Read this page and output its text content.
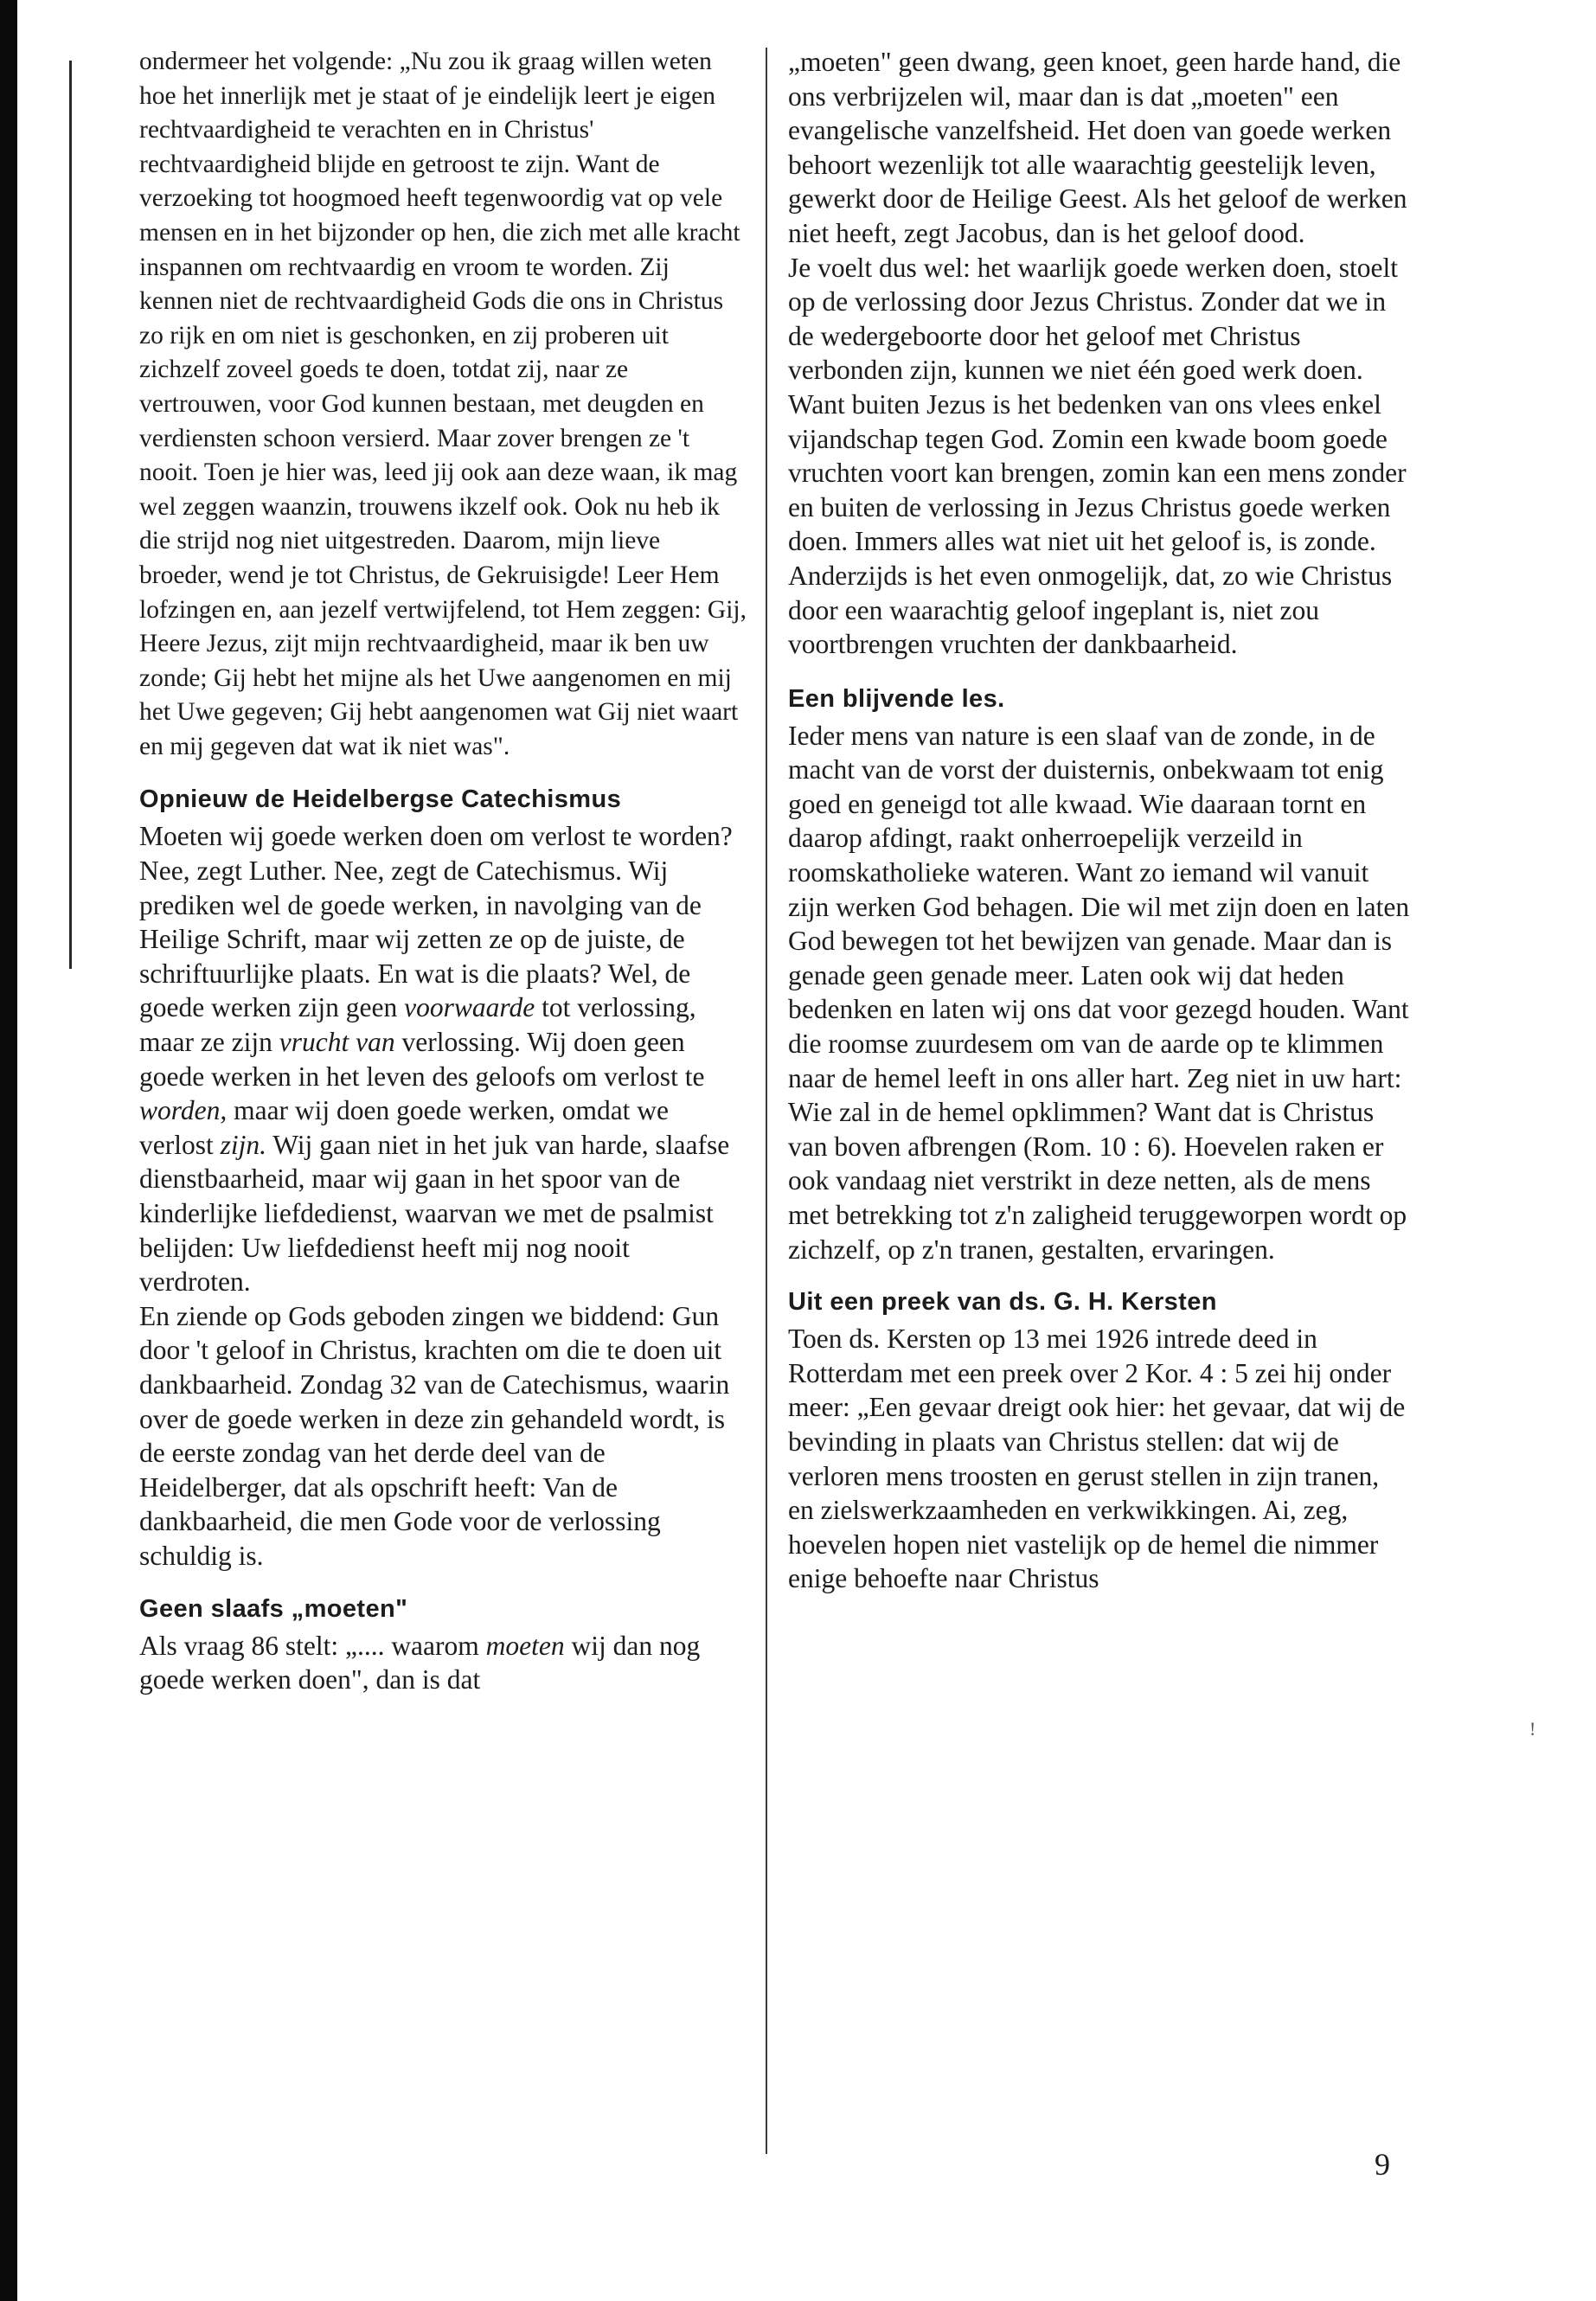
ondermeer het volgende: „Nu zou ik graag willen weten hoe het innerlijk met je staat of je eindelijk leert je eigen rechtvaardigheid te verachten en in Christus' rechtvaardigheid blijde en getroost te zijn. Want de verzoeking tot hoogmoed heeft tegenwoordig vat op vele mensen en in het bijzonder op hen, die zich met alle kracht inspannen om rechtvaardig en vroom te worden. Zij kennen niet de rechtvaardigheid Gods die ons in Christus zo rijk en om niet is geschonken, en zij proberen uit zichzelf zoveel goeds te doen, totdat zij, naar ze vertrouwen, voor God kunnen bestaan, met deugden en verdiensten schoon versierd. Maar zover brengen ze 't nooit. Toen je hier was, leed jij ook aan deze waan, ik mag wel zeggen waanzin, trouwens ikzelf ook. Ook nu heb ik die strijd nog niet uitgestreden. Daarom, mijn lieve broeder, wend je tot Christus, de Gekruisigde! Leer Hem lofzingen en, aan jezelf vertwijfelend, tot Hem zeggen: Gij, Heere Jezus, zijt mijn rechtvaardigheid, maar ik ben uw zonde; Gij hebt het mijne als het Uwe aangenomen en mij het Uwe gegeven; Gij hebt aangenomen wat Gij niet waart en mij gegeven dat wat ik niet was".

Opnieuw de Heidelbergse Catechismus

Moeten wij goede werken doen om verlost te worden? Nee, zegt Luther. Nee, zegt de Catechismus. Wij prediken wel de goede werken, in navolging van de Heilige Schrift, maar wij zetten ze op de juiste, de schriftuurlijke plaats. En wat is die plaats? Wel, de goede werken zijn geen voorwaarde tot verlossing, maar ze zijn vrucht van verlossing. Wij doen geen goede werken in het leven des geloofs om verlost te worden, maar wij doen goede werken, omdat we verlost zijn. Wij gaan niet in het juk van harde, slaafse dienstbaarheid, maar wij gaan in het spoor van de kinderlijke liefdedienst, waarvan we met de psalmist belijden: Uw liefdedienst heeft mij nog nooit verdroten.

En ziende op Gods geboden zingen we biddend: Gun door 't geloof in Christus, krachten om die te doen uit dankbaarheid. Zondag 32 van de Catechismus, waarin over de goede werken in deze zin gehandeld wordt, is de eerste zondag van het derde deel van de Heidelberger, dat als opschrift heeft: Van de dankbaarheid, die men Gode voor de verlossing schuldig is.

Geen slaafs „moeten"

Als vraag 86 stelt: „.... waarom moeten wij dan nog goede werken doen", dan is dat

„moeten" geen dwang, geen knoet, geen harde hand, die ons verbrijzelen wil, maar dan is dat „moeten" een evangelische vanzelfsheid. Het doen van goede werken behoort wezenlijk tot alle waarachtig geestelijk leven, gewerkt door de Heilige Geest. Als het geloof de werken niet heeft, zegt Jacobus, dan is het geloof dood.

Je voelt dus wel: het waarlijk goede werken doen, stoelt op de verlossing door Jezus Christus. Zonder dat we in de wedergeboorte door het geloof met Christus verbonden zijn, kunnen we niet één goed werk doen. Want buiten Jezus is het bedenken van ons vlees enkel vijandschap tegen God. Zomin een kwade boom goede vruchten voort kan brengen, zomin kan een mens zonder en buiten de verlossing in Jezus Christus goede werken doen. Immers alles wat niet uit het geloof is, is zonde. Anderzijds is het even onmogelijk, dat, zo wie Christus door een waarachtig geloof ingeplant is, niet zou voortbrengen vruchten der dankbaarheid.

Een blijvende les.

Ieder mens van nature is een slaaf van de zonde, in de macht van de vorst der duisternis, onbekwaam tot enig goed en geneigd tot alle kwaad. Wie daaraan tornt en daarop afdingt, raakt onherroepelijk verzeild in roomskatholieke wateren. Want zo iemand wil vanuit zijn werken God behagen. Die wil met zijn doen en laten God bewegen tot het bewijzen van genade. Maar dan is genade geen genade meer. Laten ook wij dat heden bedenken en laten wij ons dat voor gezegd houden. Want die roomse zuurdesem om van de aarde op te klimmen naar de hemel leeft in ons aller hart. Zeg niet in uw hart: Wie zal in de hemel opklimmen? Want dat is Christus van boven afbrengen (Rom. 10 : 6). Hoevelen raken er ook vandaag niet verstrikt in deze netten, als de mens met betrekking tot z'n zaligheid teruggeworpen wordt op zichzelf, op z'n tranen, gestalten, ervaringen.

Uit een preek van ds. G. H. Kersten

Toen ds. Kersten op 13 mei 1926 intrede deed in Rotterdam met een preek over 2 Kor. 4 : 5 zei hij onder meer: „Een gevaar dreigt ook hier: het gevaar, dat wij de bevinding in plaats van Christus stellen: dat wij de verloren mens troosten en gerust stellen in zijn tranen, en zielswerkzaamheden en verkwikkingen. Ai, zeg, hoevelen hopen niet vastelijk op de hemel die nimmer enige behoefte naar Christus

!
9
